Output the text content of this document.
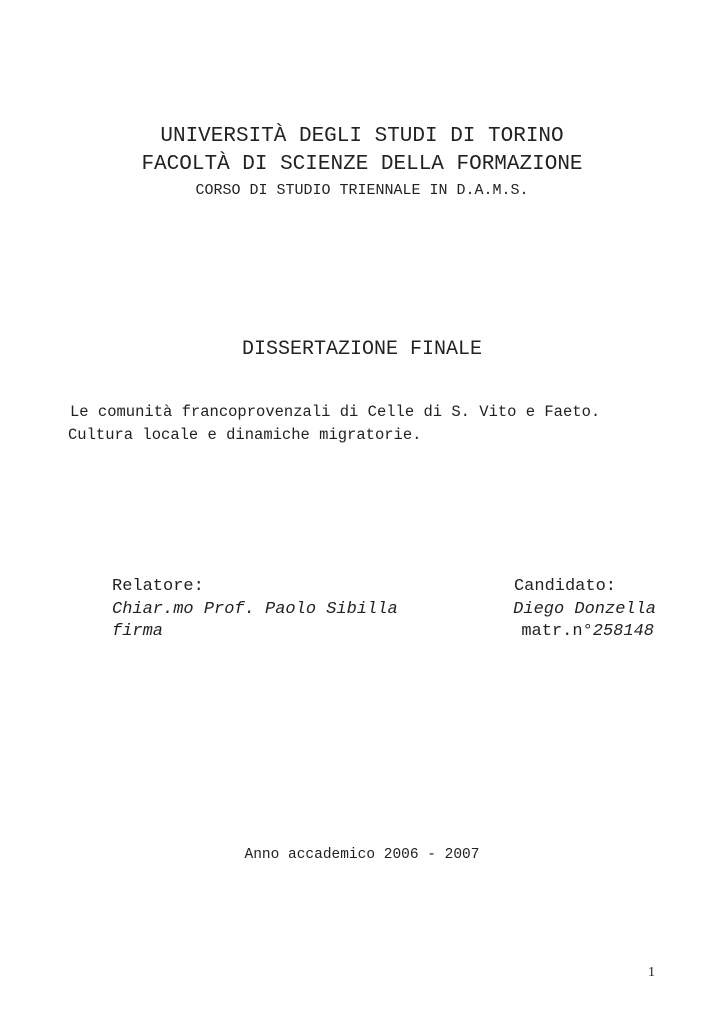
UNIVERSITÀ DEGLI STUDI DI TORINO
FACOLTÀ DI SCIENZE DELLA FORMAZIONE
CORSO DI STUDIO TRIENNALE IN D.A.M.S.
DISSERTAZIONE FINALE
Le comunità francoprovenzali di Celle di S. Vito e Faeto.
Cultura locale e dinamiche migratorie.
Relatore:
Chiar.mo Prof. Paolo Sibilla
firma
Candidato:
Diego Donzella
matr.n°258148
Anno accademico 2006 - 2007
1
